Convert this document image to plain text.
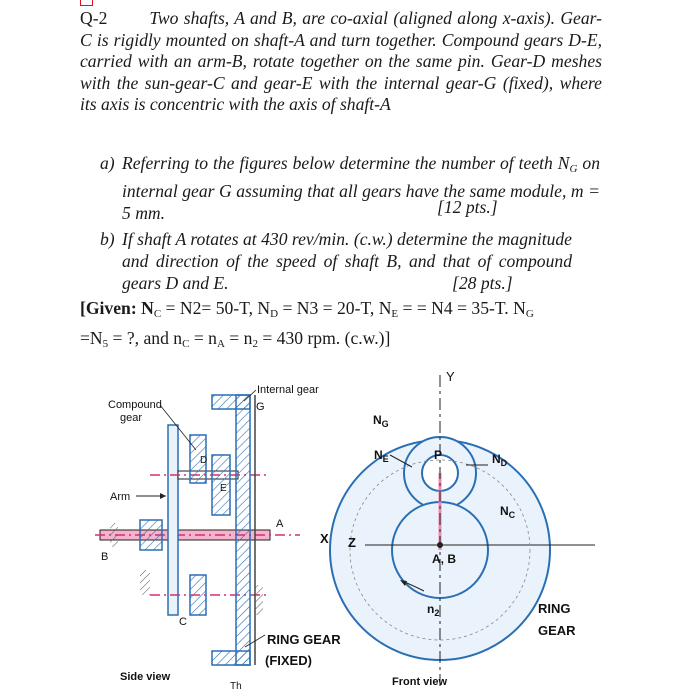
Q-2 Two shafts, A and B, are co-axial (aligned along x-axis). Gear-C is rigidly mounted on shaft-A and turn together. Compound gears D-E, carried with an arm-B, rotate together on the same pin. Gear-D meshes with the sun-gear-C and gear-E with the internal gear-G (fixed), where its axis is concentric with the axis of shaft-A
a) Referring to the figures below determine the number of teeth $N_G$ on internal gear G assuming that all gears have the same module, m = 5 mm.	[12 pts.]
b) If shaft A rotates at 430 rev/min. (c.w.) determine the magnitude and direction of the speed of shaft B, and that of compound gears D and E.	[28 pts.]
[Given: $N_C = N2= 50-T$, $N_D = N3 = 20-T$, $N_E$ = = N4 = 35-T. $N_G$
$=N_5$ = ?, and $n_C = n_A = n_2 = 430$ rpm. (c.w.)]
Compound
gear
Internal gear
G
D
E
Arm
A
B
C
X
RING GEAR
(FIXED)
Th
Side view
Y
Z
$N_G$
$N_E$	$N_D$
$N_C$
P
A, B
$n_2$	RING
GEAR
Front view
